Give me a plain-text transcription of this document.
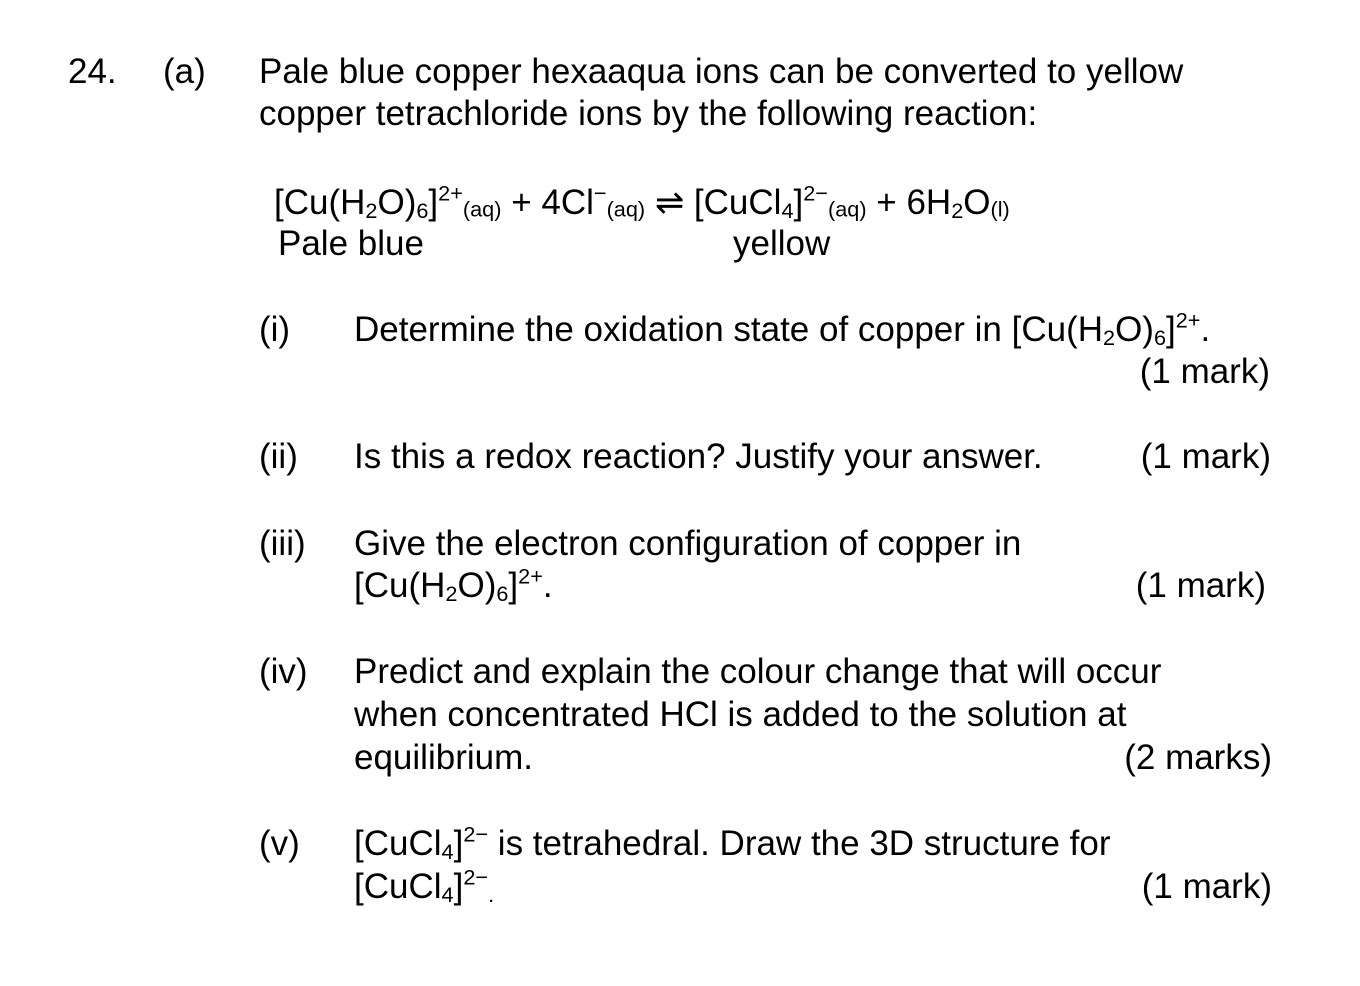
24. (a) Pale blue copper hexaaqua ions can be converted to yellow
copper tetrachloride ions by the following reaction:
$[Cu(H_2O)_6]^{2+}(aq) + 4Cl^-(aq)$ ⇌ [CuCl$_4$]$^{2-}$(aq) + $6H_2O(l)$
Pale blue	yellow
(i) Determine the oxidation state of copper in $[Cu(H_2O)_6]^{2+}$.
(1 mark)
(ii) Is this a redox reaction? Justify your answer.	(1 mark)
(iii) Give the electron configuration of copper in
$[Cu(H_2O)_6]^{2+}$.	(1 mark)
(iv) Predict and explain the colour change that will occur
when concentrated HCl is added to the solution at
equilibrium.	(2 marks)
(v) [CuCl$_4$]$^{2-}$ is tetrahedral. Draw the 3D structure for
[CuCl$_4$]$^{2-}_.$	(1 mark)
